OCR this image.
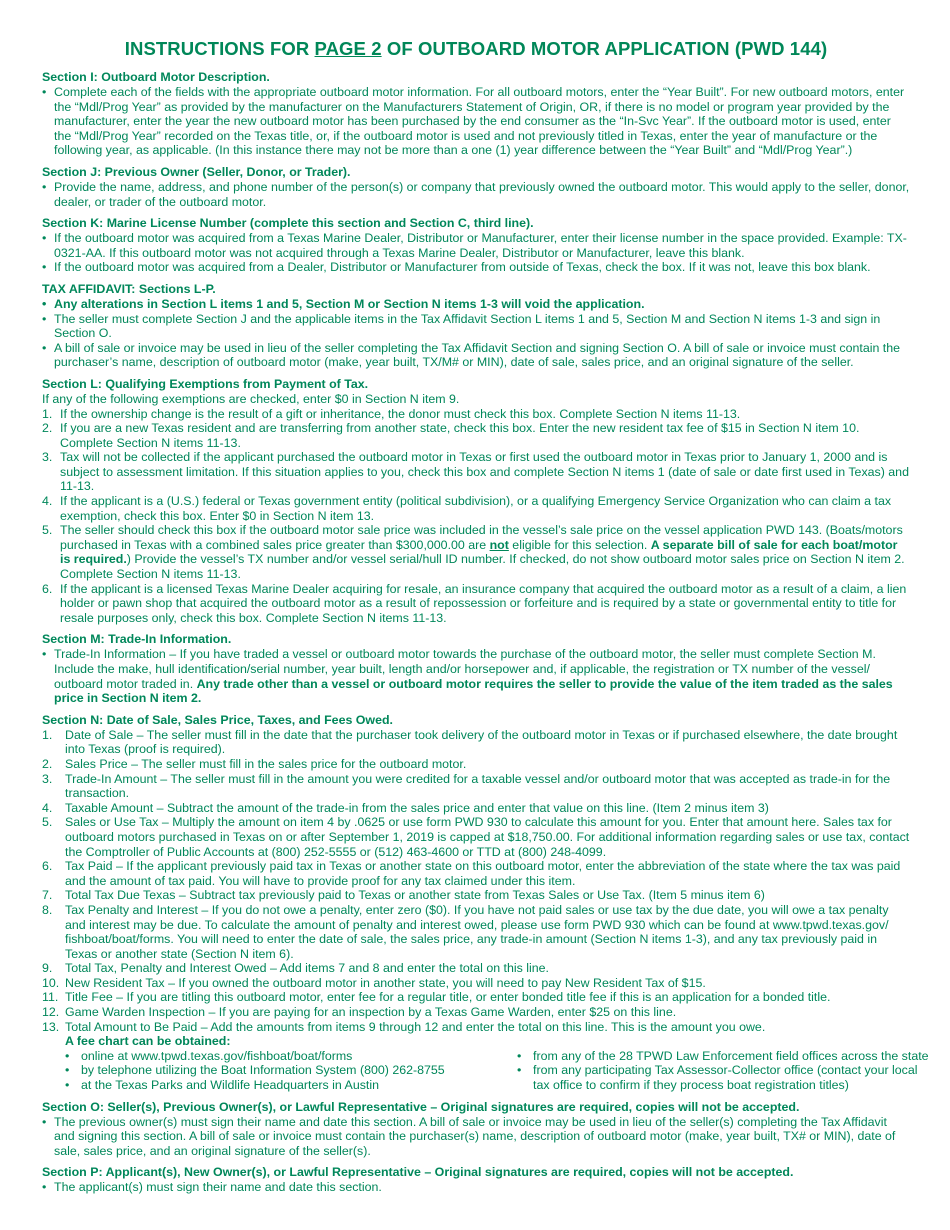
INSTRUCTIONS FOR PAGE 2 OF OUTBOARD MOTOR APPLICATION (PWD 144)

Section I: Outboard Motor Description.

• Complete each of the fields with the appropriate outboard motor information. For all outboard motors, enter the “Year Built”. For new outboard motors, enter the “Mdl/Prog Year” as provided by the manufacturer on the Manufacturers Statement of Origin, OR, if there is no model or program year provided by the manufacturer, enter the year the new outboard motor has been purchased by the end consumer as the “In-Svc Year”. If the outboard motor is used, enter the “Mdl/Prog Year” recorded on the Texas title, or, if the outboard motor is used and not previously titled in Texas, enter the year of manufacture or the following year, as applicable. (In this instance there may not be more than a one (1) year difference between the “Year Built” and “Mdl/Prog Year”.)

Section J: Previous Owner (Seller, Donor, or Trader).

• Provide the name, address, and phone number of the person(s) or company that previously owned the outboard motor. This would apply to the seller, donor, dealer, or trader of the outboard motor.

Section K: Marine License Number (complete this section and Section C, third line).

• If the outboard motor was acquired from a Texas Marine Dealer, Distributor or Manufacturer, enter their license number in the space provided. Example: TX-0321-AA. If this outboard motor was not acquired through a Texas Marine Dealer, Distributor or Manufacturer, leave this blank.
• If the outboard motor was acquired from a Dealer, Distributor or Manufacturer from outside of Texas, check the box. If it was not, leave this box blank.

TAX AFFIDAVIT: Sections L-P.

• Any alterations in Section L items 1 and 5, Section M or Section N items 1-3 will void the application.
• The seller must complete Section J and the applicable items in the Tax Affidavit Section L items 1 and 5, Section M and Section N items 1-3 and sign in Section O.
• A bill of sale or invoice may be used in lieu of the seller completing the Tax Affidavit Section and signing Section O. A bill of sale or invoice must contain the purchaser’s name, description of outboard motor (make, year built, TX/M# or MIN), date of sale, sales price, and an original signature of the seller.

Section L: Qualifying Exemptions from Payment of Tax.

If any of the following exemptions are checked, enter $0 in Section N item 9.

1. If the ownership change is the result of a gift or inheritance, the donor must check this box. Complete Section N items 11-13.
2. If you are a new Texas resident and are transferring from another state, check this box. Enter the new resident tax fee of $15 in Section N item 10. Complete Section N items 11-13.
3. Tax will not be collected if the applicant purchased the outboard motor in Texas or first used the outboard motor in Texas prior to January 1, 2000 and is subject to assessment limitation. If this situation applies to you, check this box and complete Section N items 1 (date of sale or date first used in Texas) and 11-13.
4. If the applicant is a (U.S.) federal or Texas government entity (political subdivision), or a qualifying Emergency Service Organization who can claim a tax exemption, check this box. Enter $0 in Section N item 13.
5. The seller should check this box if the outboard motor sale price was included in the vessel’s sale price on the vessel application PWD 143. (Boats/motors purchased in Texas with a combined sales price greater than $300,000.00 are not eligible for this selection. A separate bill of sale for each boat/motor is required.) Provide the vessel’s TX number and/or vessel serial/hull ID number. If checked, do not show outboard motor sales price on Section N item 2. Complete Section N items 11-13.
6. If the applicant is a licensed Texas Marine Dealer acquiring for resale, an insurance company that acquired the outboard motor as a result of a claim, a lien holder or pawn shop that acquired the outboard motor as a result of repossession or forfeiture and is required by a state or governmental entity to title for resale purposes only, check this box. Complete Section N items 11-13.

Section M: Trade-In Information.

• Trade-In Information – If you have traded a vessel or outboard motor towards the purchase of the outboard motor, the seller must complete Section M. Include the make, hull identification/serial number, year built, length and/or horsepower and, if applicable, the registration or TX number of the vessel/ outboard motor traded in. Any trade other than a vessel or outboard motor requires the seller to provide the value of the item traded as the sales price in Section N item 2.

Section N: Date of Sale, Sales Price, Taxes, and Fees Owed.

1. Date of Sale – The seller must fill in the date that the purchaser took delivery of the outboard motor in Texas or if purchased elsewhere, the date brought into Texas (proof is required).
2. Sales Price – The seller must fill in the sales price for the outboard motor.
3. Trade-In Amount – The seller must fill in the amount you were credited for a taxable vessel and/or outboard motor that was accepted as trade-in for the transaction.
4. Taxable Amount – Subtract the amount of the trade-in from the sales price and enter that value on this line. (Item 2 minus item 3)
5. Sales or Use Tax – Multiply the amount on item 4 by .0625 or use form PWD 930 to calculate this amount for you. Enter that amount here. Sales tax for outboard motors purchased in Texas on or after September 1, 2019 is capped at $18,750.00. For additional information regarding sales or use tax, contact the Comptroller of Public Accounts at (800) 252-5555 or (512) 463-4600 or TTD at (800) 248-4099.
6. Tax Paid – If the applicant previously paid tax in Texas or another state on this outboard motor, enter the abbreviation of the state where the tax was paid and the amount of tax paid. You will have to provide proof for any tax claimed under this item.
7. Total Tax Due Texas – Subtract tax previously paid to Texas or another state from Texas Sales or Use Tax. (Item 5 minus item 6)
8. Tax Penalty and Interest – If you do not owe a penalty, enter zero ($0). If you have not paid sales or use tax by the due date, you will owe a tax penalty and interest may be due. To calculate the amount of penalty and interest owed, please use form PWD 930 which can be found at www.tpwd.texas.gov/ fishboat/boat/forms. You will need to enter the date of sale, the sales price, any trade-in amount (Section N items 1-3), and any tax previously paid in Texas or another state (Section N item 6).
9. Total Tax, Penalty and Interest Owed – Add items 7 and 8 and enter the total on this line.
10. New Resident Tax – If you owned the outboard motor in another state, you will need to pay New Resident Tax of $15.
11. Title Fee – If you are titling this outboard motor, enter fee for a regular title, or enter bonded title fee if this is an application for a bonded title.
12. Game Warden Inspection – If you are paying for an inspection by a Texas Game Warden, enter $25 on this line.
13. Total Amount to Be Paid – Add the amounts from items 9 through 12 and enter the total on this line. This is the amount you owe.
A fee chart can be obtained:
• online at www.tpwd.texas.gov/fishboat/boat/forms
• by telephone utilizing the Boat Information System (800) 262-8755
• at the Texas Parks and Wildlife Headquarters in Austin
• from any of the 28 TPWD Law Enforcement field offices across the state
• from any participating Tax Assessor-Collector office (contact your local tax office to confirm if they process boat registration titles)

Section O: Seller(s), Previous Owner(s), or Lawful Representative – Original signatures are required, copies will not be accepted.

• The previous owner(s) must sign their name and date this section. A bill of sale or invoice may be used in lieu of the seller(s) completing the Tax Affidavit and signing this section. A bill of sale or invoice must contain the purchaser(s) name, description of outboard motor (make, year built, TX# or MIN), date of sale, sales price, and an original signature of the seller(s).

Section P: Applicant(s), New Owner(s), or Lawful Representative – Original signatures are required, copies will not be accepted.

• The applicant(s) must sign their name and date this section.
